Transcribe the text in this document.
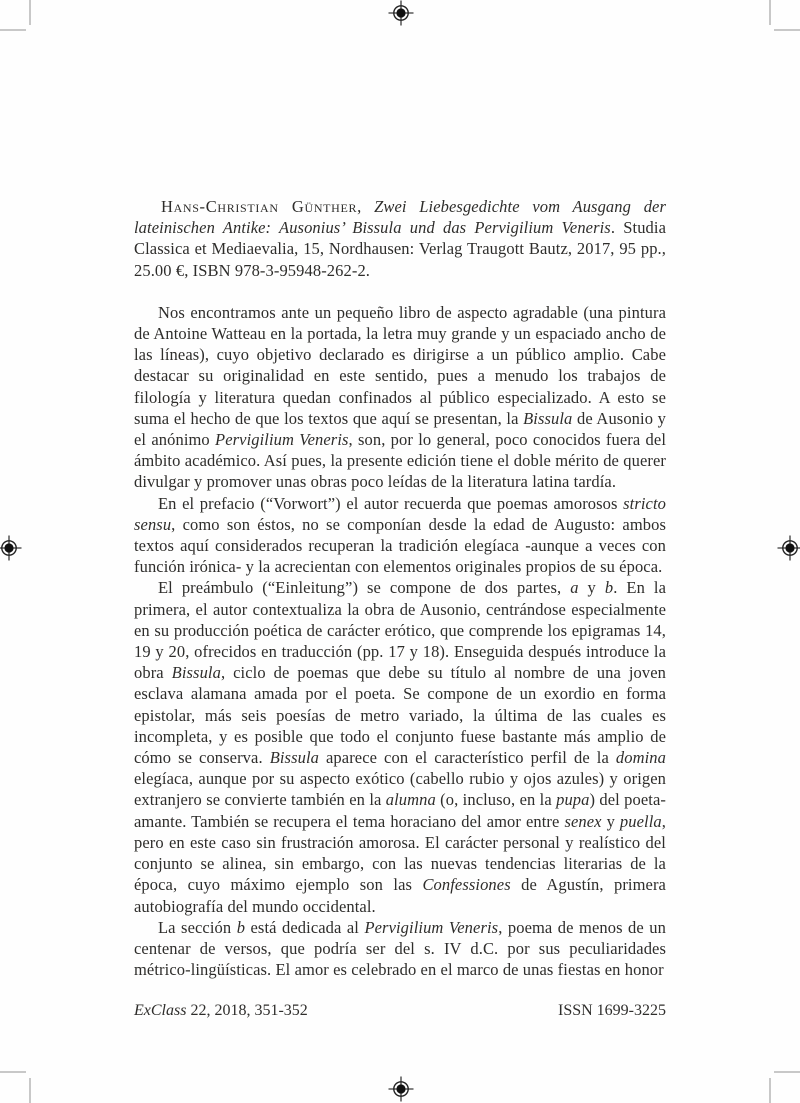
Hans-Christian Günther, Zwei Liebesgedichte vom Ausgang der lateinischen Antike: Ausonius’ Bissula und das Pervigilium Veneris. Studia Classica et Mediaevalia, 15, Nordhausen: Verlag Traugott Bautz, 2017, 95 pp., 25.00 €, ISBN 978-3-95948-262-2.

Nos encontramos ante un pequeño libro de aspecto agradable (una pintura de Antoine Watteau en la portada, la letra muy grande y un espaciado ancho de las líneas), cuyo objetivo declarado es dirigirse a un público amplio. Cabe destacar su originalidad en este sentido, pues a menudo los trabajos de filología y literatura quedan confinados al público especializado. A esto se suma el hecho de que los textos que aquí se presentan, la Bissula de Ausonio y el anónimo Pervigilium Veneris, son, por lo general, poco conocidos fuera del ámbito académico. Así pues, la presente edición tiene el doble mérito de querer divulgar y promover unas obras poco leídas de la literatura latina tardía.

En el prefacio (“Vorwort”) el autor recuerda que poemas amorosos stricto sensu, como son éstos, no se componían desde la edad de Augusto: ambos textos aquí considerados recuperan la tradición elegíaca -aunque a veces con función irónica- y la acrecientan con elementos originales propios de su época.

El preámbulo (“Einleitung”) se compone de dos partes, a y b. En la primera, el autor contextualiza la obra de Ausonio, centrándose especialmente en su producción poética de carácter erótico, que comprende los epigramas 14, 19 y 20, ofrecidos en traducción (pp. 17 y 18). Enseguida después introduce la obra Bissula, ciclo de poemas que debe su título al nombre de una joven esclava alamana amada por el poeta. Se compone de un exordio en forma epistolar, más seis poesías de metro variado, la última de las cuales es incompleta, y es posible que todo el conjunto fuese bastante más amplio de cómo se conserva. Bissula aparece con el característico perfil de la domina elegíaca, aunque por su aspecto exótico (cabello rubio y ojos azules) y origen extranjero se convierte también en la alumna (o, incluso, en la pupa) del poeta-amante. También se recupera el tema horaciano del amor entre senex y puella, pero en este caso sin frustración amorosa. El carácter personal y realístico del conjunto se alinea, sin embargo, con las nuevas tendencias literarias de la época, cuyo máximo ejemplo son las Confessiones de Agustín, primera autobiografía del mundo occidental.

La sección b está dedicada al Pervigilium Veneris, poema de menos de un centenar de versos, que podría ser del s. IV d.C. por sus peculiaridades métrico-lingüísticas. El amor es celebrado en el marco de unas fiestas en honor

ExClass 22, 2018, 351-352	ISSN 1699-3225
